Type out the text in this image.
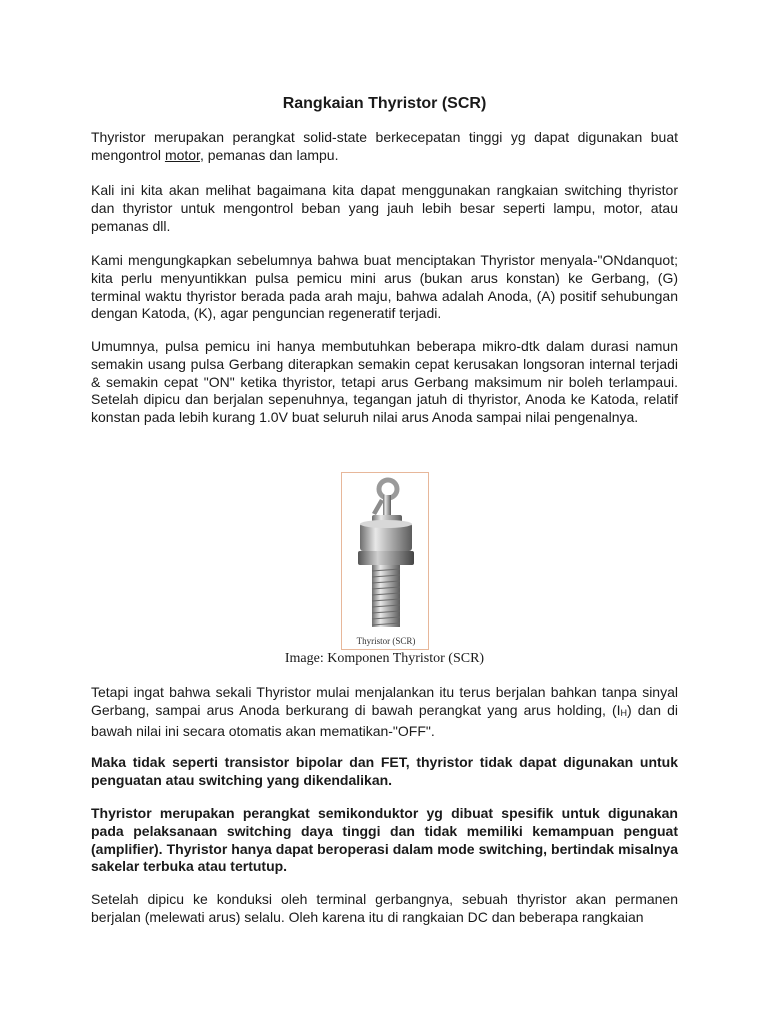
Rangkaian Thyristor (SCR)

Thyristor merupakan perangkat solid-state berkecepatan tinggi yg dapat digunakan buat mengontrol motor, pemanas dan lampu.

Kali ini kita akan melihat bagaimana kita dapat menggunakan rangkaian switching thyristor dan thyristor untuk mengontrol beban yang jauh lebih besar seperti lampu, motor, atau pemanas dll.

Kami mengungkapkan sebelumnya bahwa buat menciptakan Thyristor menyala-"ONdanquot; kita perlu menyuntikkan pulsa pemicu mini arus (bukan arus konstan) ke Gerbang, (G) terminal waktu thyristor berada pada arah maju, bahwa adalah Anoda, (A) positif sehubungan dengan Katoda, (K), agar penguncian regeneratif terjadi.

Umumnya, pulsa pemicu ini hanya membutuhkan beberapa mikro-dtk dalam durasi namun semakin usang pulsa Gerbang diterapkan semakin cepat kerusakan longsoran internal terjadi & semakin cepat "ON" ketika thyristor, tetapi arus Gerbang maksimum nir boleh terlampaui. Setelah dipicu dan berjalan sepenuhnya, tegangan jatuh di thyristor, Anoda ke Katoda, relatif konstan pada lebih kurang 1.0V buat seluruh nilai arus Anoda sampai nilai pengenalnya.

Thyristor (SCR)

Image: Komponen Thyristor (SCR)

Tetapi ingat bahwa sekali Thyristor mulai menjalankan itu terus berjalan bahkan tanpa sinyal Gerbang, sampai arus Anoda berkurang di bawah perangkat yang arus holding, (IH) dan di bawah nilai ini secara otomatis akan mematikan-"OFF".

Maka tidak seperti transistor bipolar dan FET, thyristor tidak dapat digunakan untuk penguatan atau switching yang dikendalikan.

Thyristor merupakan perangkat semikonduktor yg dibuat spesifik untuk digunakan pada pelaksanaan switching daya tinggi dan tidak memiliki kemampuan penguat (amplifier). Thyristor hanya dapat beroperasi dalam mode switching, bertindak misalnya sakelar terbuka atau tertutup.

Setelah dipicu ke konduksi oleh terminal gerbangnya, sebuah thyristor akan permanen berjalan (melewati arus) selalu. Oleh karena itu di rangkaian DC dan beberapa rangkaian
